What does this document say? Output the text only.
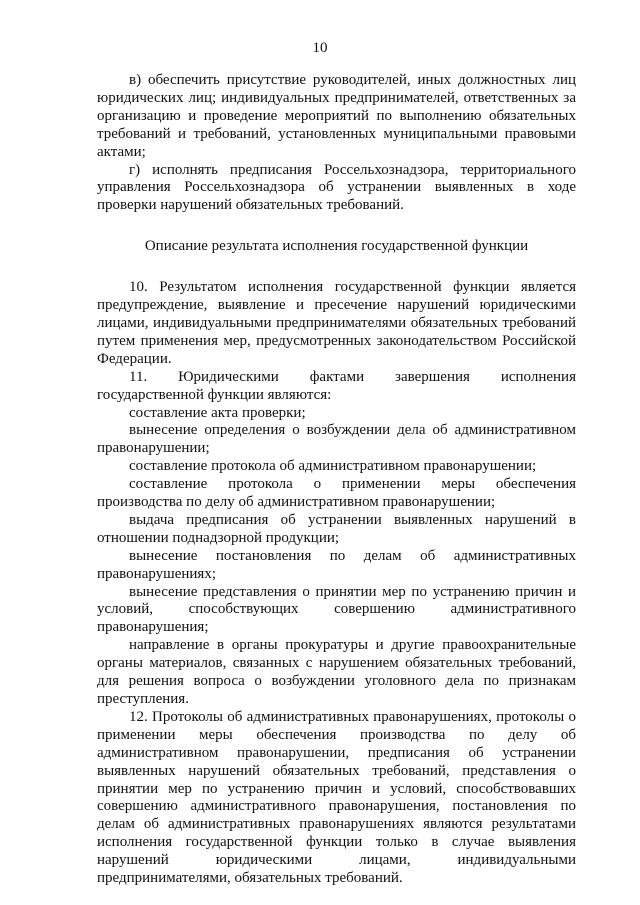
10

в) обеспечить присутствие руководителей, иных должностных лиц юридических лиц; индивидуальных предпринимателей, ответственных за организацию и проведение мероприятий по выполнению обязательных требований и требований, установленных муниципальными правовыми актами;

г) исполнять предписания Россельхознадзора, территориального управления Россельхознадзора об устранении выявленных в ходе проверки нарушений обязательных требований.

Описание результата исполнения государственной функции

10. Результатом исполнения государственной функции является предупреждение, выявление и пресечение нарушений юридическими лицами, индивидуальными предпринимателями обязательных требований путем применения мер, предусмотренных законодательством Российской Федерации.

11. Юридическими фактами завершения исполнения государственной функции являются:

составление акта проверки;

вынесение определения о возбуждении дела об административном правонарушении;

составление протокола об административном правонарушении;

составление протокола о применении меры обеспечения производства по делу об административном правонарушении;

выдача предписания об устранении выявленных нарушений в отношении поднадзорной продукции;

вынесение постановления по делам об административных правонарушениях;

вынесение представления о принятии мер по устранению причин и условий, способствующих совершению административного правонарушения;

направление в органы прокуратуры и другие правоохранительные органы материалов, связанных с нарушением обязательных требований, для решения вопроса о возбуждении уголовного дела по признакам преступления.

12. Протоколы об административных правонарушениях, протоколы о применении меры обеспечения производства по делу об административном правонарушении, предписания об устранении выявленных нарушений обязательных требований, представления о принятии мер по устранению причин и условий, способствовавших совершению административного правонарушения, постановления по делам об административных правонарушениях являются результатами исполнения государственной функции только в случае выявления нарушений юридическими лицами, индивидуальными предпринимателями, обязательных требований.
